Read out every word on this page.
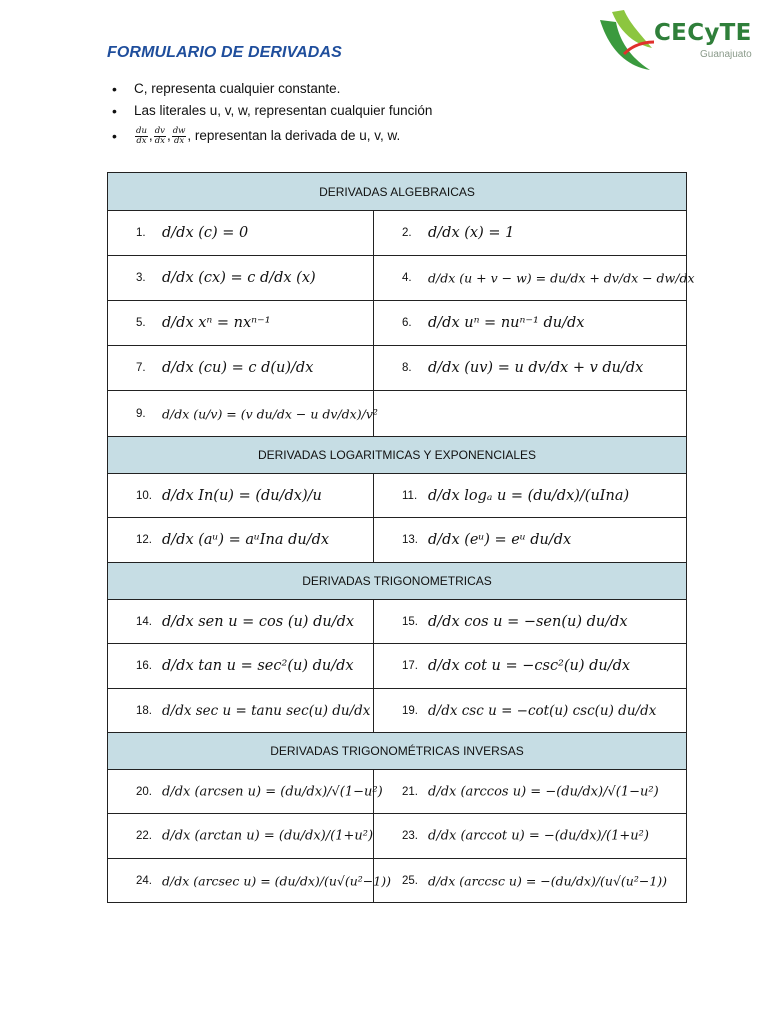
FORMULARIO DE DERIVADAS
CECyTE
Guanajuato
• C, representa cualquier constante.
• Las literales u, v, w, representan cualquier función
• $\frac{du}{dx}$ , $\frac{dv}{dx}$ , $\frac{dw}{dx}$ , representan la derivada de u, v, w.
DERIVADAS ALGEBRAICAS	

1. d/dx (c) = 0	2. d/dx (x) = 1

3. d/dx (cx) = c d/dx (x)	4. d/dx (u + v − w) = du/dx + dv/dx − dw/dx

5. d/dx xⁿ = nxⁿ⁻¹	6. d/dx uⁿ = nuⁿ⁻¹ du/dx

7. d/dx (cu) = c d(u)/dx	8. d/dx (uv) = u dv/dx + v du/dx

9. d/dx (u/v) = (v du/dx − u dv/dx)/v²	

DERIVADAS LOGARITMICAS Y EXPONENCIALES	

10. d/dx In(u) = (du/dx)/u	11. d/dx logₐ u = (du/dx)/(uIna)

12. d/dx (aᵘ) = aᵘIna du/dx	13. d/dx (eᵘ) = eᵘ du/dx

DERIVADAS TRIGONOMETRICAS	

14. d/dx sen u = cos (u) du/dx	15. d/dx cos u = −sen(u) du/dx

16. d/dx tan u = sec²(u) du/dx	17. d/dx cot u = −csc²(u) du/dx

18. d/dx sec u = tanu sec(u) du/dx	19. d/dx csc u = −cot(u) csc(u) du/dx

DERIVADAS TRIGONOMÉTRICAS INVERSAS	

20. d/dx (arcsen u) = (du/dx)/√(1−u²)	21. d/dx (arccos u) = −(du/dx)/√(1−u²)

22. d/dx (arctan u) = (du/dx)/(1+u²)	23. d/dx (arccot u) = −(du/dx)/(1+u²)

24. d/dx (arcsec u) = (du/dx)/(u√(u²−1))	25. d/dx (arccsc u) = −(du/dx)/(u√(u²−1))
